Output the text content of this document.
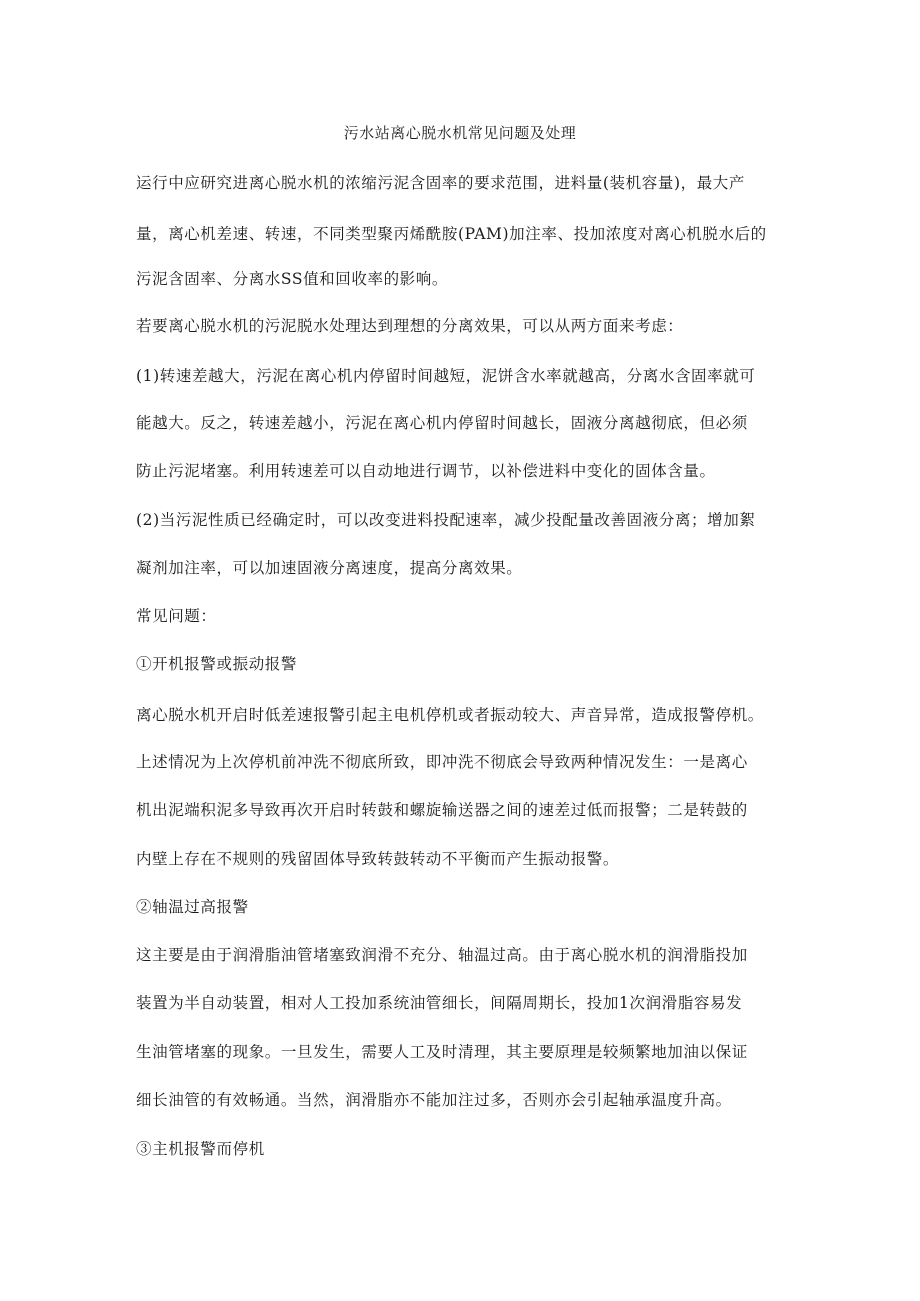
污水站离心脱水机常见问题及处理
运行中应研究进离心脱水机的浓缩污泥含固率的要求范围，进料量(装机容量)，最大产
量，离心机差速、转速，不同类型聚丙烯酰胺(PAM)加注率、投加浓度对离心机脱水后的
污泥含固率、分离水SS值和回收率的影响。
若要离心脱水机的污泥脱水处理达到理想的分离效果，可以从两方面来考虑：
(1)转速差越大，污泥在离心机内停留时间越短，泥饼含水率就越高，分离水含固率就可
能越大。反之，转速差越小，污泥在离心机内停留时间越长，固液分离越彻底，但必须
防止污泥堵塞。利用转速差可以自动地进行调节，以补偿进料中变化的固体含量。
(2)当污泥性质已经确定时，可以改变进料投配速率，减少投配量改善固液分离；增加絮
凝剂加注率，可以加速固液分离速度，提高分离效果。
常见问题：
①开机报警或振动报警
离心脱水机开启时低差速报警引起主电机停机或者振动较大、声音异常，造成报警停机。
上述情况为上次停机前冲洗不彻底所致，即冲洗不彻底会导致两种情况发生：一是离心
机出泥端积泥多导致再次开启时转鼓和螺旋输送器之间的速差过低而报警；二是转鼓的
内壁上存在不规则的残留固体导致转鼓转动不平衡而产生振动报警。
②轴温过高报警
这主要是由于润滑脂油管堵塞致润滑不充分、轴温过高。由于离心脱水机的润滑脂投加
装置为半自动装置，相对人工投加系统油管细长，间隔周期长，投加1次润滑脂容易发
生油管堵塞的现象。一旦发生，需要人工及时清理，其主要原理是较频繁地加油以保证
细长油管的有效畅通。当然，润滑脂亦不能加注过多，否则亦会引起轴承温度升高。
③主机报警而停机
